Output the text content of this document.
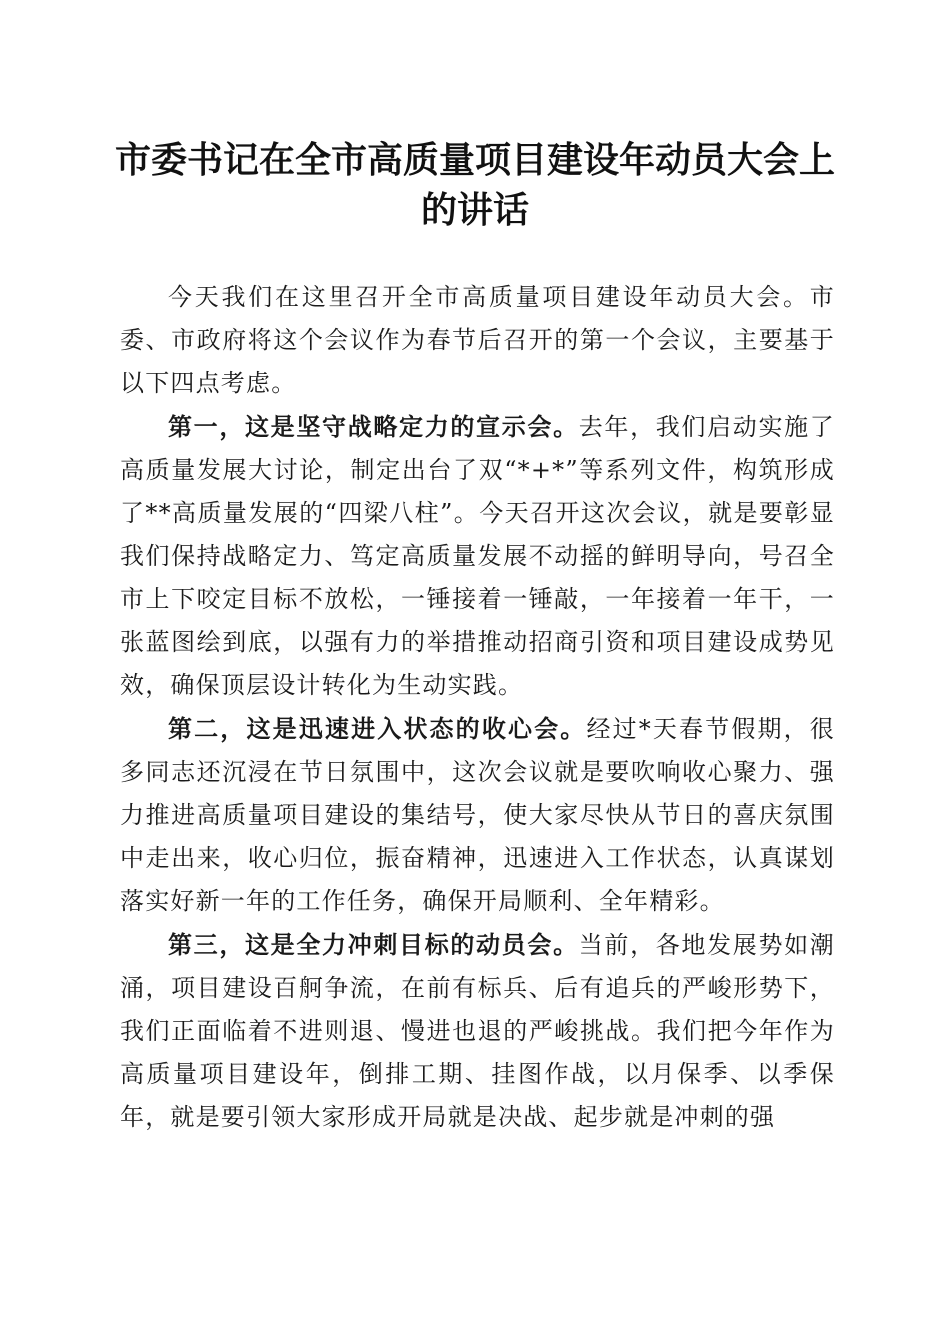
市委书记在全市高质量项目建设年动员大会上
的讲话

今天我们在这里召开全市高质量项目建设年动员大会。市委、市政府将这个会议作为春节后召开的第一个会议，主要基于以下四点考虑。

第一，这是坚守战略定力的宣示会。去年，我们启动实施了高质量发展大讨论，制定出台了双“*+*”等系列文件，构筑形成了**高质量发展的“四梁八柱”。今天召开这次会议，就是要彰显我们保持战略定力、笃定高质量发展不动摇的鲜明导向，号召全市上下咬定目标不放松，一锤接着一锤敲，一年接着一年干，一张蓝图绘到底，以强有力的举措推动招商引资和项目建设成势见效，确保顶层设计转化为生动实践。

第二，这是迅速进入状态的收心会。经过*天春节假期，很多同志还沉浸在节日氛围中，这次会议就是要吹响收心聚力、强力推进高质量项目建设的集结号，使大家尽快从节日的喜庆氛围中走出来，收心归位，振奋精神，迅速进入工作状态，认真谋划落实好新一年的工作任务，确保开局顺利、全年精彩。

第三，这是全力冲刺目标的动员会。当前，各地发展势如潮涌，项目建设百舸争流，在前有标兵、后有追兵的严峻形势下，我们正面临着不进则退、慢进也退的严峻挑战。我们把今年作为高质量项目建设年，倒排工期、挂图作战，以月保季、以季保年，就是要引领大家形成开局就是决战、起步就是冲刺的强
